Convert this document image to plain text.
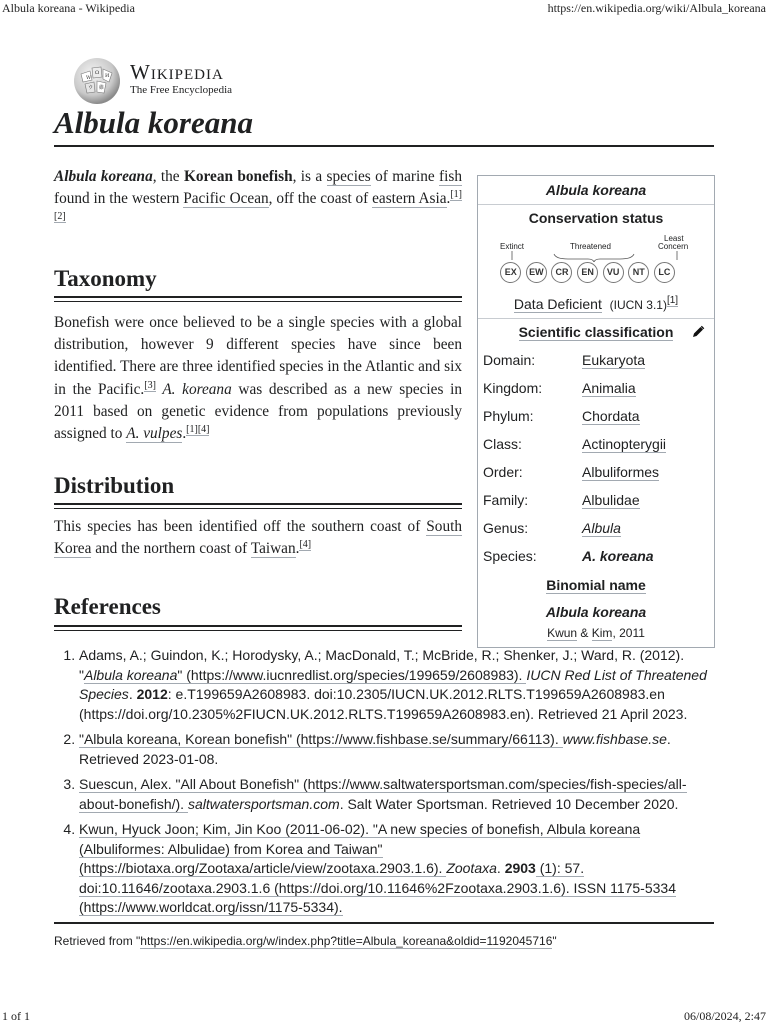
Albula koreana - Wikipedia	https://en.wikipedia.org/wiki/Albula_koreana
W
Ω И
ウ 維
Wikipedia
The Free Encyclopedia
Albula koreana
Albula koreana, the Korean bonefish, is a species of marine fish found in the western Pacific Ocean, off the coast of eastern Asia.[1][2]
Taxonomy
Bonefish were once believed to be a single species with a global distribution, however 9 different species have since been identified. There are three identified species in the Atlantic and six in the Pacific.[3] A. koreana was described as a new species in 2011 based on genetic evidence from populations previously assigned to A. vulpes.[1][4]
Distribution
This species has been identified off the southern coast of South Korea and the northern coast of Taiwan.[4]
References
Albula koreana
Conservation status
Extinct	Threatened
Least
Concern
EX EW CR EN VU NT LC
Data Deficient (IUCN 3.1)[1]
Scientific classification
Domain:	Eukaryota
Kingdom:	Animalia
Phylum:	Chordata
Class:	Actinopterygii
Order:	Albuliformes
Family:	Albulidae
Genus:	Albula
Species:	A. koreana
Binomial name
Albula koreana
Kwun & Kim, 2011
1. Adams, A.; Guindon, K.; Horodysky, A.; MacDonald, T.; McBride, R.; Shenker, J.; Ward, R. (2012). "Albula koreana" (https://www.iucnredlist.org/species/199659/2608983). IUCN Red List of Threatened Species. 2012: e.T199659A2608983. doi:10.2305/IUCN.UK.2012.RLTS.T199659A2608983.en (https://doi.org/10.2305%2FIUCN.UK.2012.RLTS.T199659A2608983.en). Retrieved 21 April 2023.
2. "Albula koreana, Korean bonefish" (https://www.fishbase.se/summary/66113). www.fishbase.se. Retrieved 2023-01-08.
3. Suescun, Alex. "All About Bonefish" (https://www.saltwatersportsman.com/species/fish-species/all-about-bonefish/). saltwatersportsman.com. Salt Water Sportsman. Retrieved 10 December 2020.
4. Kwun, Hyuck Joon; Kim, Jin Koo (2011-06-02). "A new species of bonefish, Albula koreana (Albuliformes: Albulidae) from Korea and Taiwan" (https://biotaxa.org/Zootaxa/article/view/zootaxa.2903.1.6). Zootaxa. 2903 (1): 57. doi:10.11646/zootaxa.2903.1.6 (https://doi.org/10.11646%2Fzootaxa.2903.1.6). ISSN 1175-5334 (https://www.worldcat.org/issn/1175-5334).
Retrieved from "https://en.wikipedia.org/w/index.php?title=Albula_koreana&oldid=1192045716"
1 of 1	06/08/2024, 2:47
